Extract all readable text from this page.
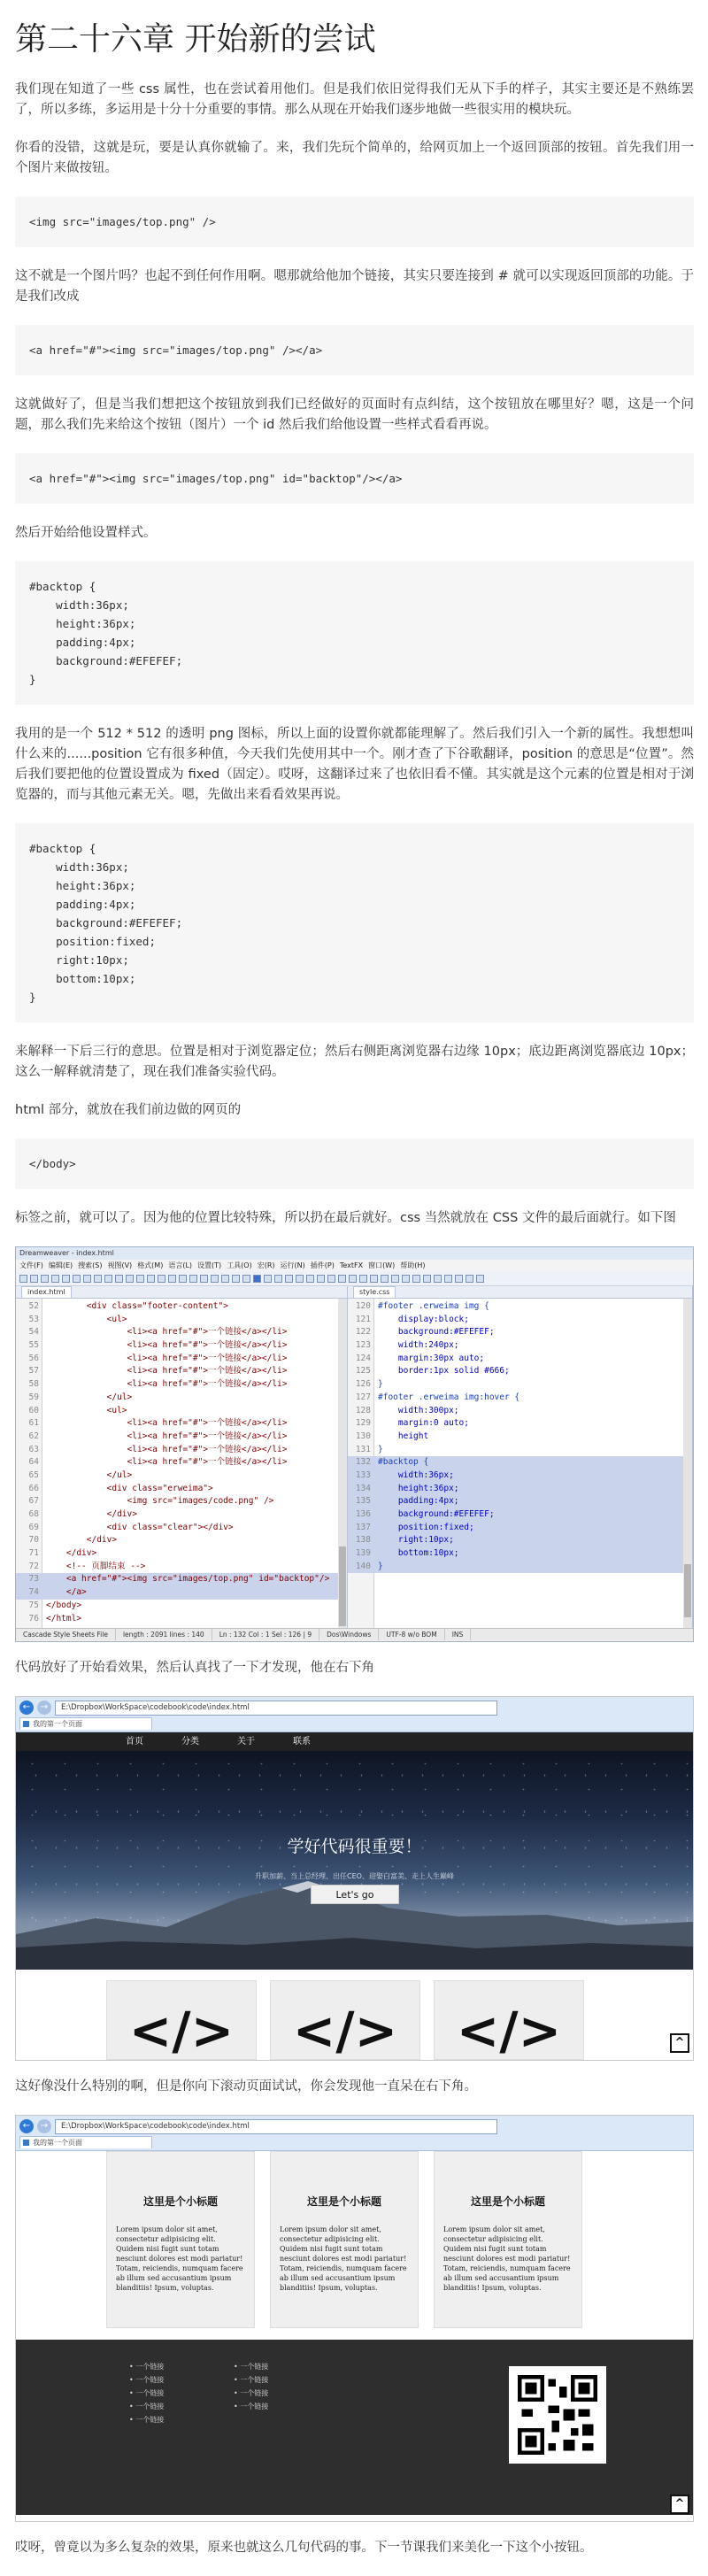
第二十六章 开始新的尝试

我们现在知道了一些 css 属性，也在尝试着用他们。但是我们依旧觉得我们无从下手的样子，其实主要还是不熟练罢了，所以多练，多运用是十分十分重要的事情。那么从现在开始我们逐步地做一些很实用的模块玩。

你看的没错，这就是玩，要是认真你就输了。来，我们先玩个简单的，给网页加上一个返回顶部的按钮。首先我们用一个图片来做按钮。

<img src="images/top.png" />

这不就是一个图片吗？也起不到任何作用啊。嗯那就给他加个链接，其实只要连接到 # 就可以实现返回顶部的功能。于是我们改成

<a href="#"><img src="images/top.png" /></a>

这就做好了，但是当我们想把这个按钮放到我们已经做好的页面时有点纠结，这个按钮放在哪里好？嗯，这是一个问题，那么我们先来给这个按钮（图片）一个 id 然后我们给他设置一些样式看看再说。

<a href="#"><img src="images/top.png" id="backtop"/></a>

然后开始给他设置样式。

#backtop {
width:36px;
height:36px;
padding:4px;
background:#EFEFEF;
}

我用的是一个 512 * 512 的透明 png 图标，所以上面的设置你就都能理解了。然后我们引入一个新的属性。我想想叫什么来的......position 它有很多种值，今天我们先使用其中一个。刚才查了下谷歌翻译，position 的意思是“位置”。然后我们要把他的位置设置成为 fixed（固定）。哎呀，这翻译过来了也依旧看不懂。其实就是这个元素的位置是相对于浏览器的，而与其他元素无关。嗯，先做出来看看效果再说。

#backtop {
width:36px;
height:36px;
padding:4px;
background:#EFEFEF;
position:fixed;
right:10px;
bottom:10px;
}

来解释一下后三行的意思。位置是相对于浏览器定位；然后右侧距离浏览器右边缘 10px；底边距离浏览器底边 10px；这么一解释就清楚了，现在我们准备实验代码。

html 部分，就放在我们前边做的网页的

</body>

标签之前，就可以了。因为他的位置比较特殊，所以扔在最后就好。css 当然就放在 CSS 文件的最后面就行。如下图

Dreamweaver - index.html
文件(F) 编辑(E) 搜索(S) 视图(V) 格式(M) 语言(L) 设置(T) 工具(O) 宏(R) 运行(N) 插件(P) TextFX 窗口(W) 帮助(H)
index.html
52        <div class="footer-content">
53            <ul>
54                <li><a href="#">一个链接</a></li>
55                <li><a href="#">一个链接</a></li>
56                <li><a href="#">一个链接</a></li>
57                <li><a href="#">一个链接</a></li>
58                <li><a href="#">一个链接</a></li>
59            </ul>
60            <ul>
61                <li><a href="#">一个链接</a></li>
62                <li><a href="#">一个链接</a></li>
63                <li><a href="#">一个链接</a></li>
64                <li><a href="#">一个链接</a></li>
65            </ul>
66            <div class="erweima">
67                <img src="images/code.png" />
68            </div>
69            <div class="clear"></div>
70        </div>
71    </div>
72    <!-- 页脚结束 -->
73    <a href="#"><img src="images/top.png" id="backtop"/>
74    </a>
75 </body>
76 </html>
style.css
120 #footer .erweima img {
121    display:block;
122    background:#EFEFEF;
123    width:240px;
124    margin:30px auto;
125    border:1px solid #666;
126 }
127 #footer .erweima img:hover {
128    width:300px;
129    margin:0 auto;
130    height
131 }
132 #backtop {
133    width:36px;
134    height:36px;
135    padding:4px;
136    background:#EFEFEF;
137    position:fixed;
138    right:10px;
139    bottom:10px;
140 }
Cascade Style Sheets File	length : 2091 lines : 140	Ln : 132 Col : 1 Sel : 126 | 9	Dos\Windows	UTF-8 w/o BOM	INS

代码放好了开始看效果，然后认真找了一下才发现，他在右下角

←	→	E:\Dropbox\WorkSpace\codebook\code\index.html
我的第一个页面
首页	分类	关于	联系
学好代码很重要！
升职加薪、当上总经理、出任CEO、迎娶白富美、走上人生巅峰
Let's go
</>	</>	</>	^

这好像没什么特别的啊，但是你向下滚动页面试试，你会发现他一直呆在右下角。

←	→	E:\Dropbox\WorkSpace\codebook\code\index.html
我的第一个页面
这里是个小标题
Lorem ipsum dolor sit amet, consectetur adipisicing elit. Quidem nisi fugit sunt totam nesciunt dolores est modi pariatur! Totam, reiciendis, numquam facere ab illum sed accusantium ipsum blanditiis! Ipsum, voluptas.
这里是个小标题
Lorem ipsum dolor sit amet, consectetur adipisicing elit. Quidem nisi fugit sunt totam nesciunt dolores est modi pariatur! Totam, reiciendis, numquam facere ab illum sed accusantium ipsum blanditiis! Ipsum, voluptas.
这里是个小标题
Lorem ipsum dolor sit amet, consectetur adipisicing elit. Quidem nisi fugit sunt totam nesciunt dolores est modi pariatur! Totam, reiciendis, numquam facere ab illum sed accusantium ipsum blanditiis! Ipsum, voluptas.
• 一个链接
• 一个链接
• 一个链接
• 一个链接
• 一个链接
• 一个链接
• 一个链接
• 一个链接
• 一个链接
^

哎呀，曾竟以为多么复杂的效果，原来也就这么几句代码的事。下一节课我们来美化一下这个小按钮。
